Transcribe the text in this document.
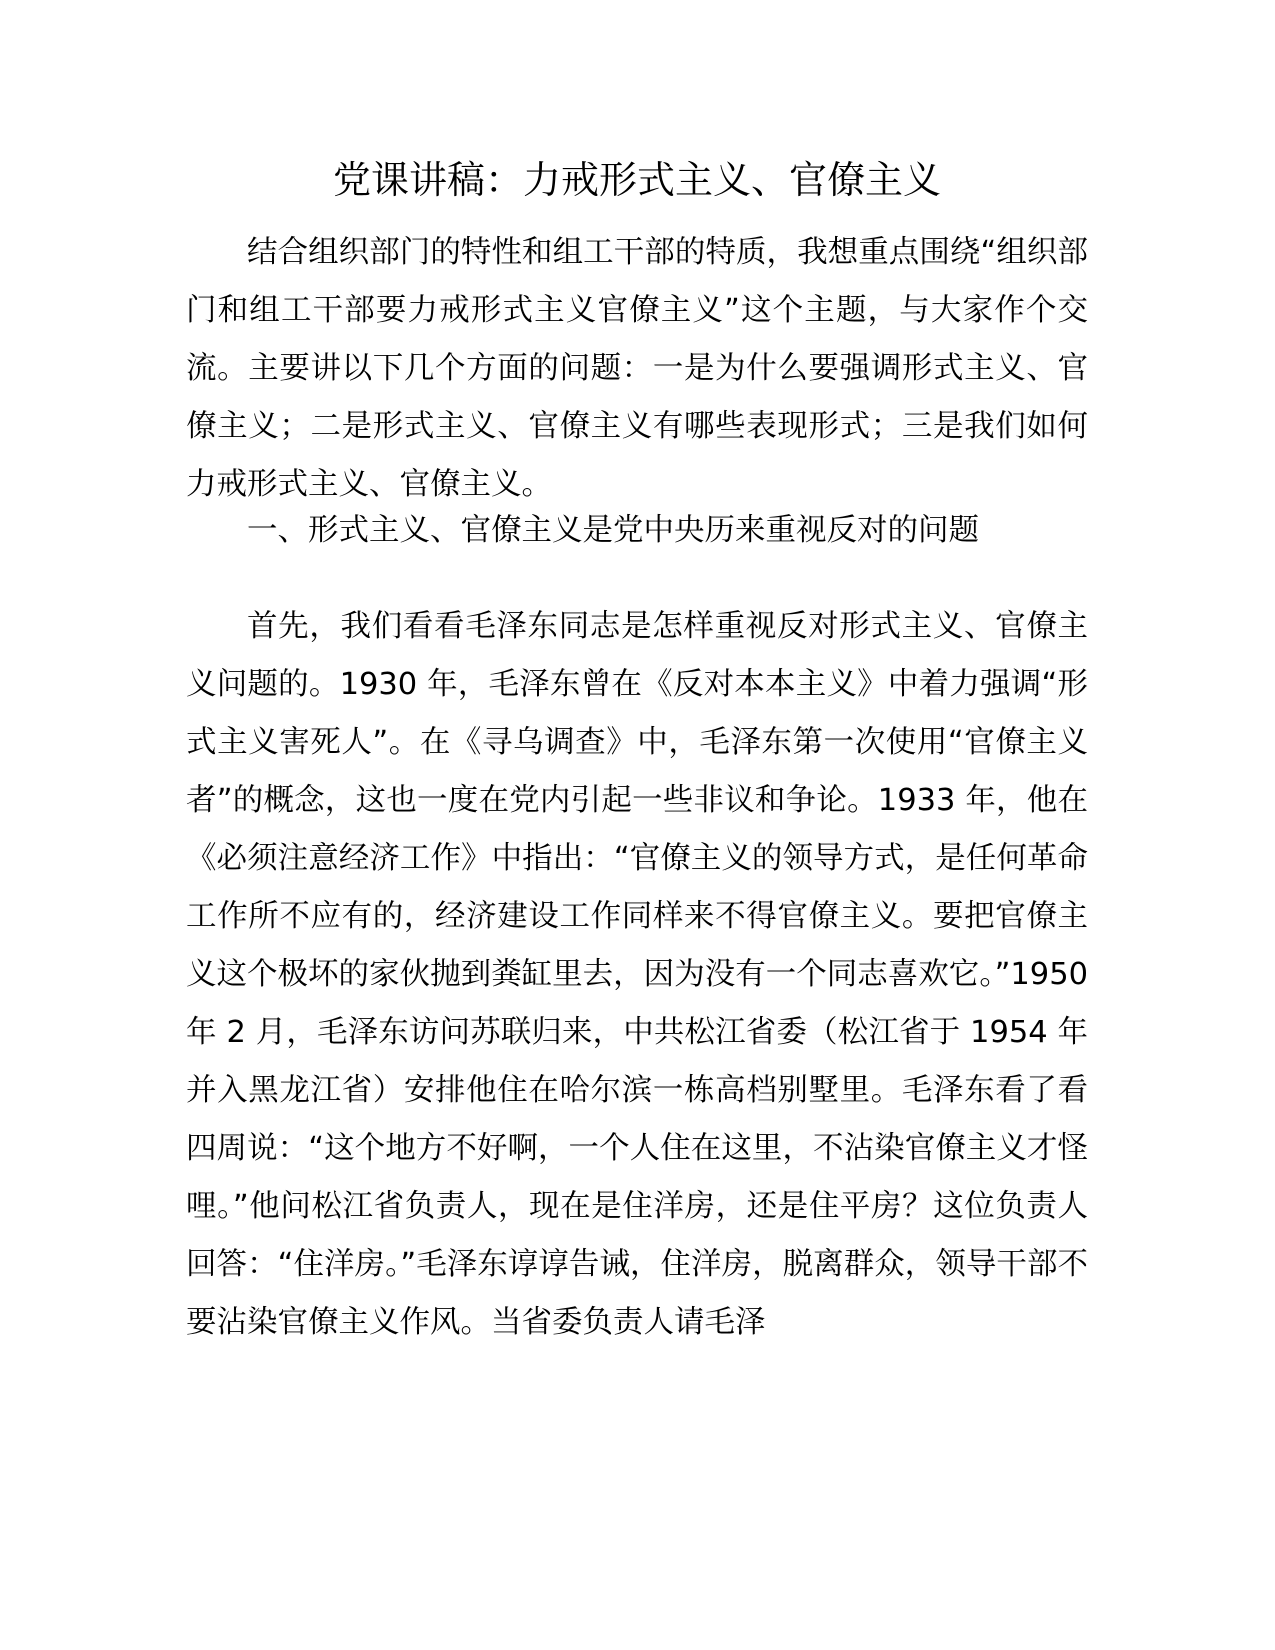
党课讲稿：力戒形式主义、官僚主义

结合组织部门的特性和组工干部的特质，我想重点围绕“组织部门和组工干部要力戒形式主义官僚主义”这个主题，与大家作个交流。主要讲以下几个方面的问题：一是为什么要强调形式主义、官僚主义；二是形式主义、官僚主义有哪些表现形式；三是我们如何力戒形式主义、官僚主义。

一、形式主义、官僚主义是党中央历来重视反对的问题

首先，我们看看毛泽东同志是怎样重视反对形式主义、官僚主义问题的。1930 年，毛泽东曾在《反对本本主义》中着力强调“形式主义害死人”。在《寻乌调查》中，毛泽东第一次使用“官僚主义者”的概念，这也一度在党内引起一些非议和争论。1933 年，他在《必须注意经济工作》中指出：“官僚主义的领导方式，是任何革命工作所不应有的，经济建设工作同样来不得官僚主义。要把官僚主义这个极坏的家伙抛到粪缸里去，因为没有一个同志喜欢它。”1950 年 2 月，毛泽东访问苏联归来，中共松江省委（松江省于 1954 年并入黑龙江省）安排他住在哈尔滨一栋高档别墅里。毛泽东看了看四周说：“这个地方不好啊，一个人住在这里，不沾染官僚主义才怪哩。”他问松江省负责人，现在是住洋房，还是住平房？这位负责人回答：“住洋房。”毛泽东谆谆告诫，住洋房，脱离群众，领导干部不要沾染官僚主义作风。当省委负责人请毛泽
